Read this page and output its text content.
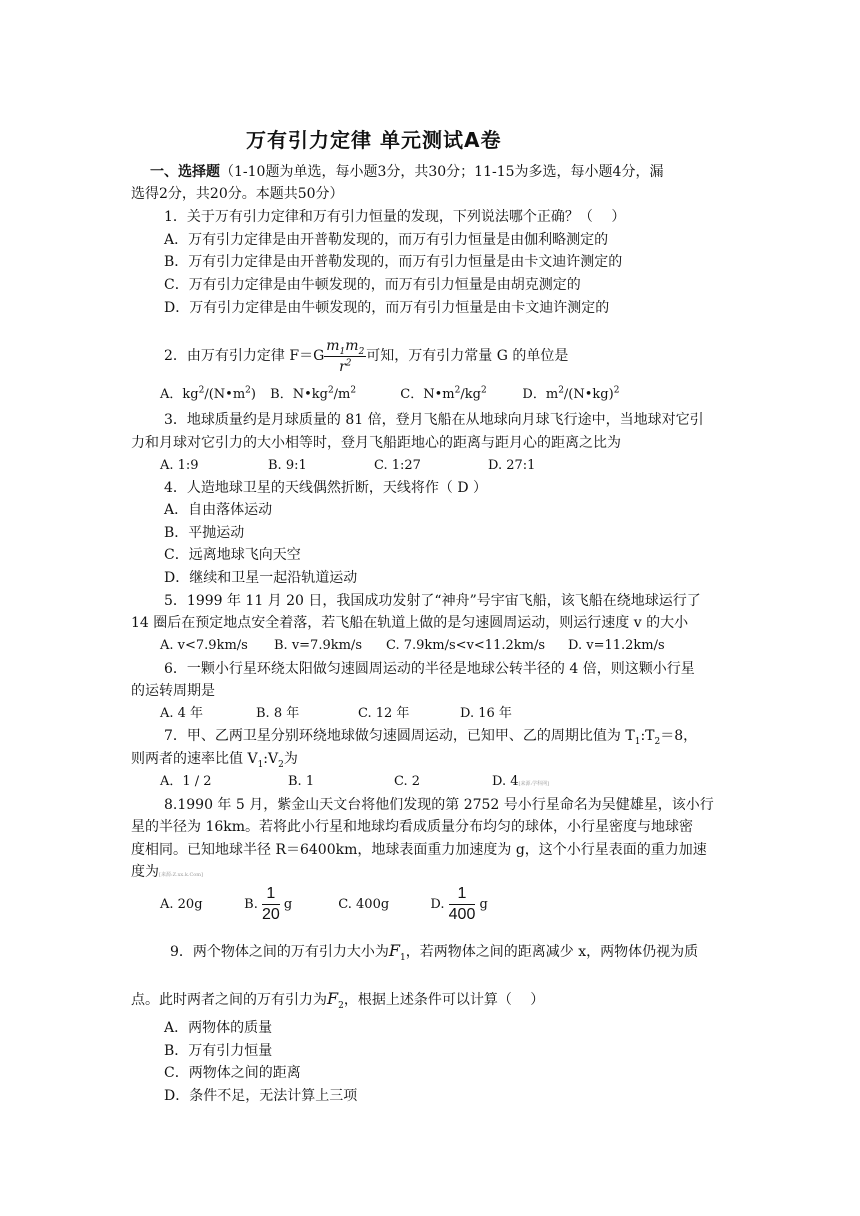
万有引力定律 单元测试A卷
一、选择题（1-10题为单选，每小题3分，共30分；11-15为多选，每小题4分，漏
选得2分，共20分。本题共50分）
1．关于万有引力定律和万有引力恒量的发现，下列说法哪个正确？（　 ）
A．万有引力定律是由开普勒发现的，而万有引力恒量是由伽利略测定的
B．万有引力定律是由开普勒发现的，而万有引力恒量是由卡文迪许测定的
C．万有引力定律是由牛顿发现的，而万有引力恒量是由胡克测定的
D．万有引力定律是由牛顿发现的，而万有引力恒量是由卡文迪许测定的
2．由万有引力定律 $F=G \frac{m_1m_2}{r^2}$ 可知，万有引力常量 G 的单位是
A．$kg^2/(N•m^2)$ B．$N•kg^2/m^2$	C．$N•m^2/kg^2$	D．$m^2/(N•kg)^2$
3．地球质量约是月球质量的 81 倍，登月飞船在从地球向月球飞行途中，当地球对它引
力和月球对它引力的大小相等时，登月飞船距地心的距离与距月心的距离之比为
A. 1:9	B. 9:1	C. 1:27	D. 27:1
4．人造地球卫星的天线偶然折断，天线将作（ D ）
A．自由落体运动
B．平抛运动
C．远离地球飞向天空
D．继续和卫星一起沿轨道运动
5．1999 年 11 月 20 日，我国成功发射了“神舟”号宇宙飞船，该飞船在绕地球运行了
14 圈后在预定地点安全着落，若飞船在轨道上做的是匀速圆周运动，则运行速度 v 的大小
A. v<7.9km/s B. v=7.9km/s C. 7.9km/s<v<11.2km/s D. v=11.2km/s
6．一颗小行星环绕太阳做匀速圆周运动的半径是地球公转半径的 4 倍，则这颗小行星
的运转周期是
A. 4 年	B. 8 年	C. 12 年	D. 16 年
7．甲、乙两卫星分别环绕地球做匀速圆周运动，已知甲、乙的周期比值为 $T_1:T_2=8$，
则两者的速率比值 $V_1:V_2$为
A．1 / 2	B. 1	C. 2	D. 4[来源:学科网]
8.1990 年 5 月，紫金山天文台将他们发现的第 2752 号小行星命名为吴健雄星，该小行
星的半径为 16km。若将此小行星和地球均看成质量分布均匀的球体，小行星密度与地球密
度相同。已知地球半径 R＝6400km，地球表面重力加速度为 g，这个小行星表面的重力加速
度为[来源:Z.xx.k.Com]
A. 20g	B. $\frac{1}{20}$ g	C. 400g	D. $\frac{1}{400}$ g
9．两个物体之间的万有引力大小为$F_1$，若两物体之间的距离减少 x，两物体仍视为质
点。此时两者之间的万有引力为$F_2$，根据上述条件可以计算（　 ）
A．两物体的质量
B．万有引力恒量
C．两物体之间的距离
D．条件不足，无法计算上三项
